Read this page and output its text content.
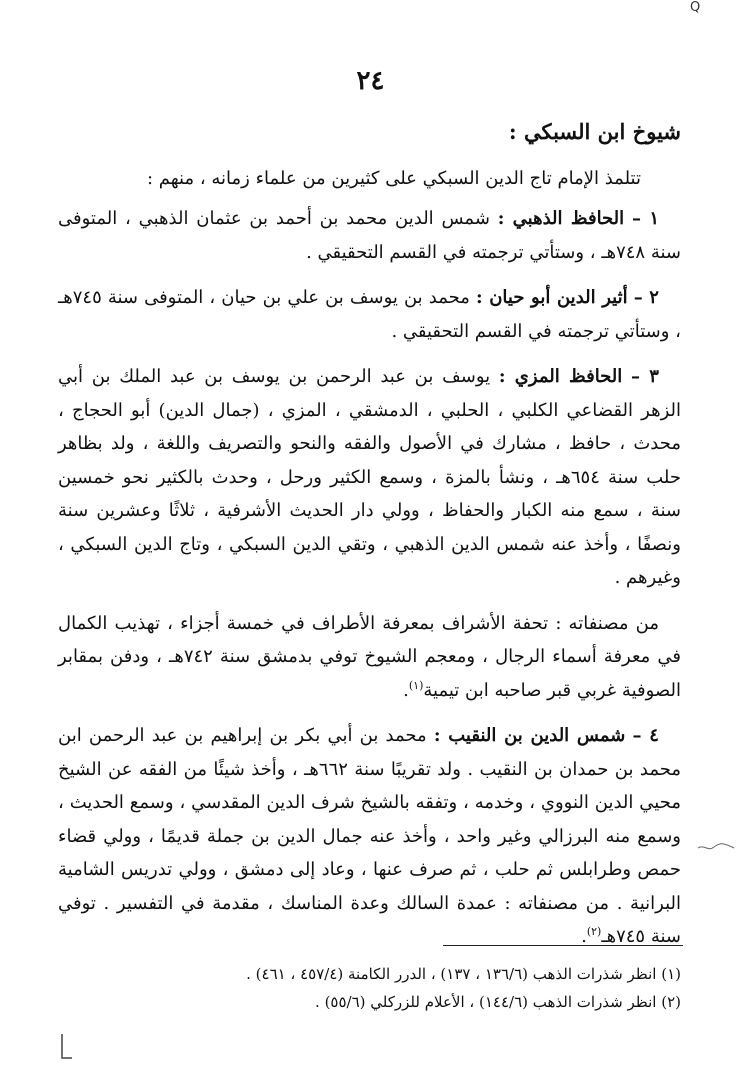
Q
٢٤
شيوخ ابن السبكي :

تتلمذ الإمام تاج الدين السبكي على كثيرين من علماء زمانه ، منهم :

١ – الحافظ الذهبي : شمس الدين محمد بن أحمد بن عثمان الذهبي ، المتوفى سنة ٧٤٨هـ ، وستأتي ترجمته في القسم التحقيقي .

٢ – أثير الدين أبو حيان : محمد بن يوسف بن علي بن حيان ، المتوفى سنة ٧٤٥هـ ، وستأتي ترجمته في القسم التحقيقي .

٣ – الحافظ المزي : يوسف بن عبد الرحمن بن يوسف بن عبد الملك بن أبي الزهر القضاعي الكلبي ، الحلبي ، الدمشقي ، المزي ، (جمال الدين) أبو الحجاج ، محدث ، حافظ ، مشارك في الأصول والفقه والنحو والتصريف واللغة ، ولد بظاهر حلب سنة ٦٥٤هـ ، ونشأ بالمزة ، وسمع الكثير ورحل ، وحدث بالكثير نحو خمسين سنة ، سمع منه الكبار والحفاظ ، وولي دار الحديث الأشرفية ، ثلاثًا وعشرين سنة ونصفًا ، وأخذ عنه شمس الدين الذهبي ، وتقي الدين السبكي ، وتاج الدين السبكي ، وغيرهم .

من مصنفاته : تحفة الأشراف بمعرفة الأطراف في خمسة أجزاء ، تهذيب الكمال في معرفة أسماء الرجال ، ومعجم الشيوخ توفي بدمشق سنة ٧٤٢هـ ، ودفن بمقابر الصوفية غربي قبر صاحبه ابن تيمية$^{(١)}$.

٤ – شمس الدين بن النقيب : محمد بن أبي بكر بن إبراهيم بن عبد الرحمن ابن محمد بن حمدان بن النقيب . ولد تقريبًا سنة ٦٦٢هـ ، وأخذ شيئًا من الفقه عن الشيخ محيي الدين النووي ، وخدمه ، وتفقه بالشيخ شرف الدين المقدسي ، وسمع الحديث ، وسمع منه البرزالي وغير واحد ، وأخذ عنه جمال الدين بن جملة قديمًا ، وولي قضاء حمص وطرابلس ثم حلب ، ثم صرف عنها ، وعاد إلى دمشق ، وولي تدريس الشامية البرانية . من مصنفاته : عمدة السالك وعدة المناسك ، مقدمة في التفسير . توفي سنة ٧٤٥هـ$^{(٢)}$.

(١) انظر شذرات الذهب (١٣٦/٦ ، ١٣٧) ، الدرر الكامنة (٤٥٧/٤ ، ٤٦١) .

(٢) انظر شذرات الذهب (١٤٤/٦) ، الأعلام للزركلي (٥٥/٦) .
